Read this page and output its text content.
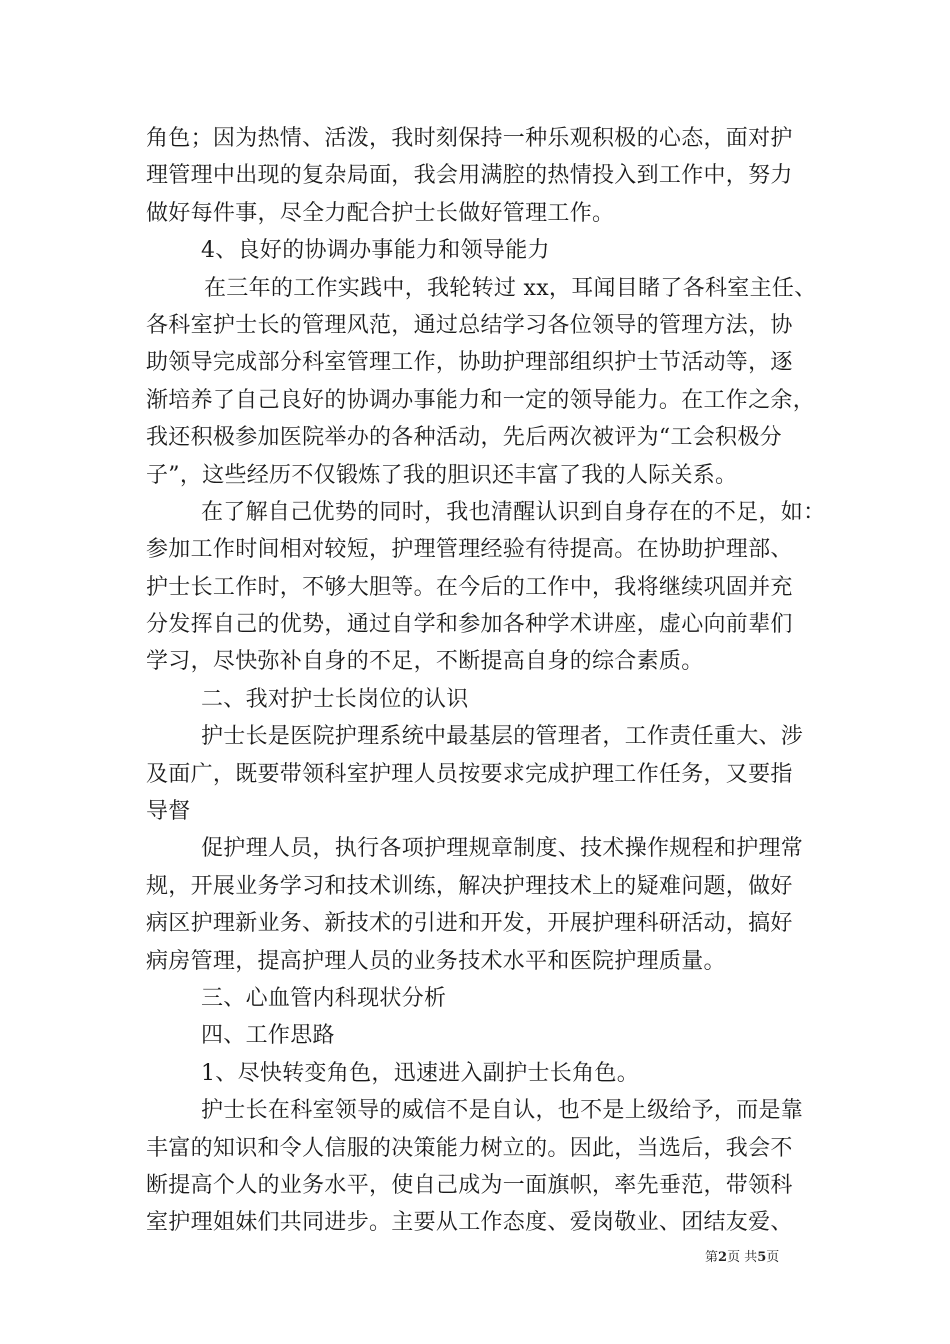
角色；因为热情、活泼，我时刻保持一种乐观积极的心态，面对护
理管理中出现的复杂局面，我会用满腔的热情投入到工作中，努力
做好每件事，尽全力配合护士长做好管理工作。
4、良好的协调办事能力和领导能力
在三年的工作实践中，我轮转过 xx，耳闻目睹了各科室主任、
各科室护士长的管理风范，通过总结学习各位领导的管理方法，协
助领导完成部分科室管理工作，协助护理部组织护士节活动等，逐
渐培养了自己良好的协调办事能力和一定的领导能力。在工作之余，
我还积极参加医院举办的各种活动，先后两次被评为“工会积极分
子”，这些经历不仅锻炼了我的胆识还丰富了我的人际关系。
在了解自己优势的同时，我也清醒认识到自身存在的不足，如：
参加工作时间相对较短，护理管理经验有待提高。在协助护理部、
护士长工作时，不够大胆等。在今后的工作中，我将继续巩固并充
分发挥自己的优势，通过自学和参加各种学术讲座，虚心向前辈们
学习，尽快弥补自身的不足，不断提高自身的综合素质。
二、我对护士长岗位的认识
护士长是医院护理系统中最基层的管理者，工作责任重大、涉
及面广，既要带领科室护理人员按要求完成护理工作任务，又要指
导督
促护理人员，执行各项护理规章制度、技术操作规程和护理常
规，开展业务学习和技术训练，解决护理技术上的疑难问题，做好
病区护理新业务、新技术的引进和开发，开展护理科研活动，搞好
病房管理，提高护理人员的业务技术水平和医院护理质量。
三、心血管内科现状分析
四、工作思路
1、尽快转变角色，迅速进入副护士长角色。
护士长在科室领导的威信不是自认，也不是上级给予，而是靠
丰富的知识和令人信服的决策能力树立的。因此，当选后，我会不
断提高个人的业务水平，使自己成为一面旗帜，率先垂范，带领科
室护理姐妹们共同进步。主要从工作态度、爱岗敬业、团结友爱、
第2页 共5页
